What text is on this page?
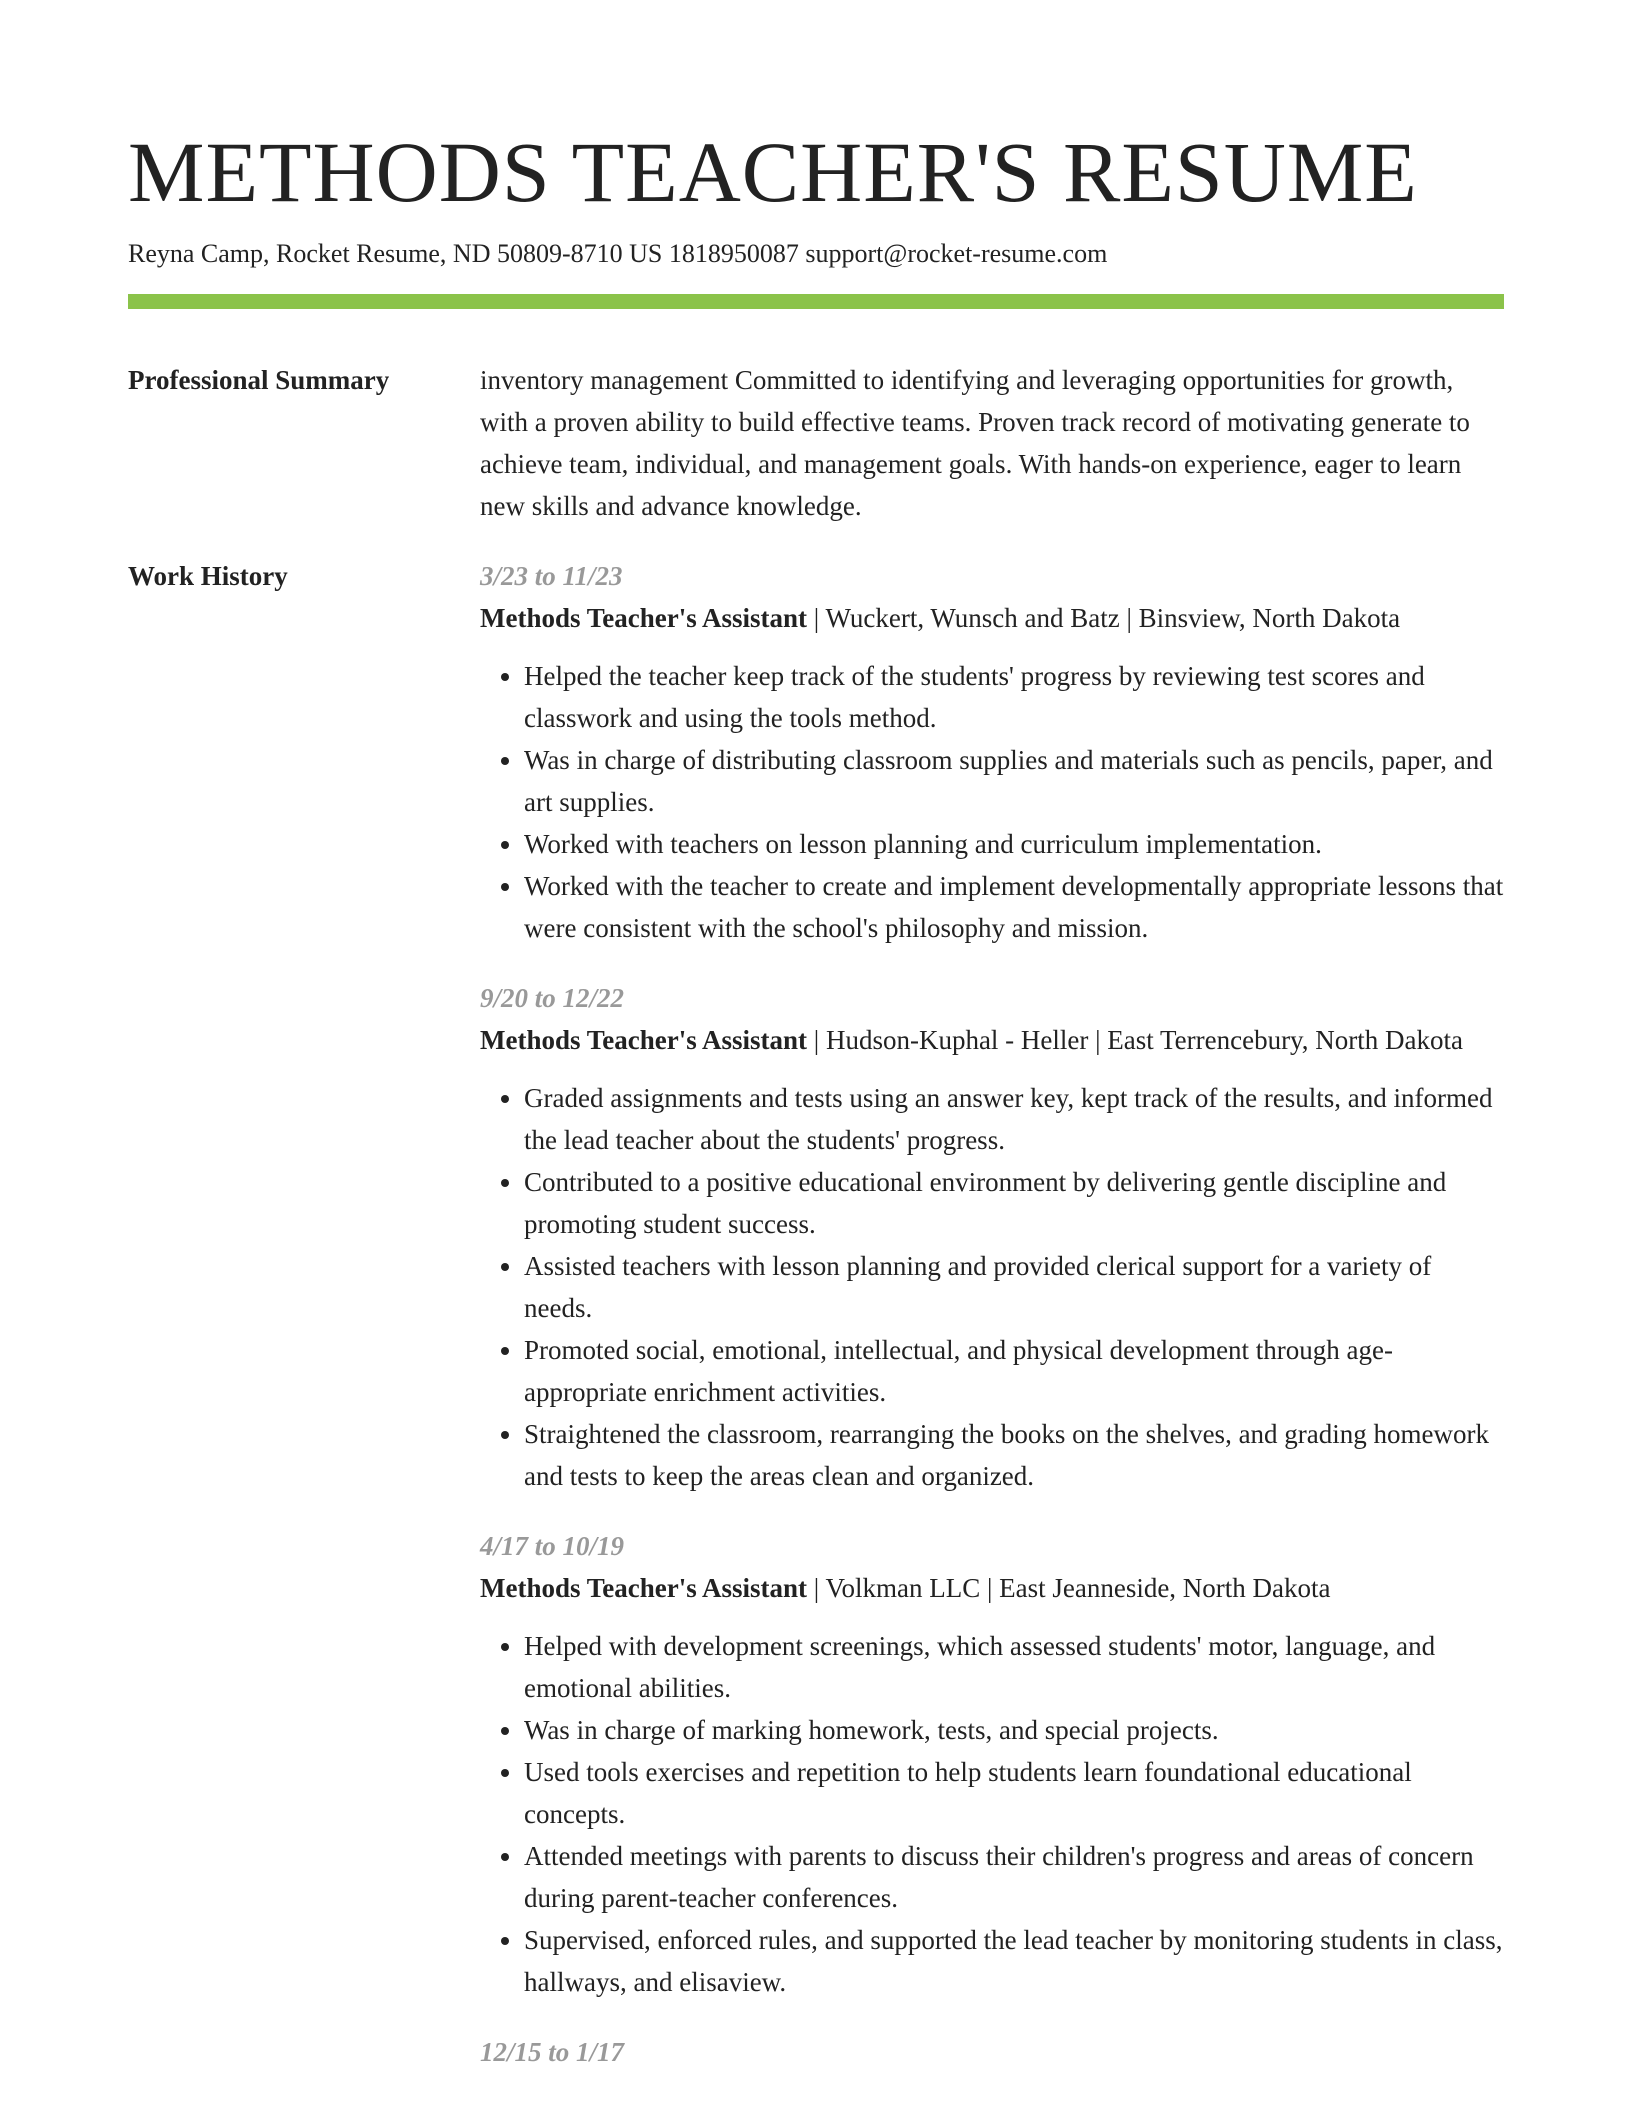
METHODS TEACHER'S RESUME
Reyna Camp, Rocket Resume, ND 50809-8710 US 1818950087 support@rocket-resume.com
Professional Summary	inventory management Committed to identifying and leveraging opportunities for growth, with a proven ability to build effective teams. Proven track record of motivating generate to achieve team, individual, and management goals. With hands-on experience, eager to learn new skills and advance knowledge.

Work History	3/23 to 11/23
Methods Teacher's Assistant | Wuckert, Wunsch and Batz | Binsview, North Dakota
• Helped the teacher keep track of the students' progress by reviewing test scores and classwork and using the tools method.
• Was in charge of distributing classroom supplies and materials such as pencils, paper, and art supplies.
• Worked with teachers on lesson planning and curriculum implementation.
• Worked with the teacher to create and implement developmentally appropriate lessons that were consistent with the school's philosophy and mission.
9/20 to 12/22
Methods Teacher's Assistant | Hudson-Kuphal - Heller | East Terrencebury, North Dakota
• Graded assignments and tests using an answer key, kept track of the results, and informed the lead teacher about the students' progress.
• Contributed to a positive educational environment by delivering gentle discipline and promoting student success.
• Assisted teachers with lesson planning and provided clerical support for a variety of needs.
• Promoted social, emotional, intellectual, and physical development through age-appropriate enrichment activities.
• Straightened the classroom, rearranging the books on the shelves, and grading homework and tests to keep the areas clean and organized.
4/17 to 10/19
Methods Teacher's Assistant | Volkman LLC | East Jeanneside, North Dakota
• Helped with development screenings, which assessed students' motor, language, and emotional abilities.
• Was in charge of marking homework, tests, and special projects.
• Used tools exercises and repetition to help students learn foundational educational concepts.
• Attended meetings with parents to discuss their children's progress and areas of concern during parent-teacher conferences.
• Supervised, enforced rules, and supported the lead teacher by monitoring students in class, hallways, and elisaview.
12/15 to 1/17
